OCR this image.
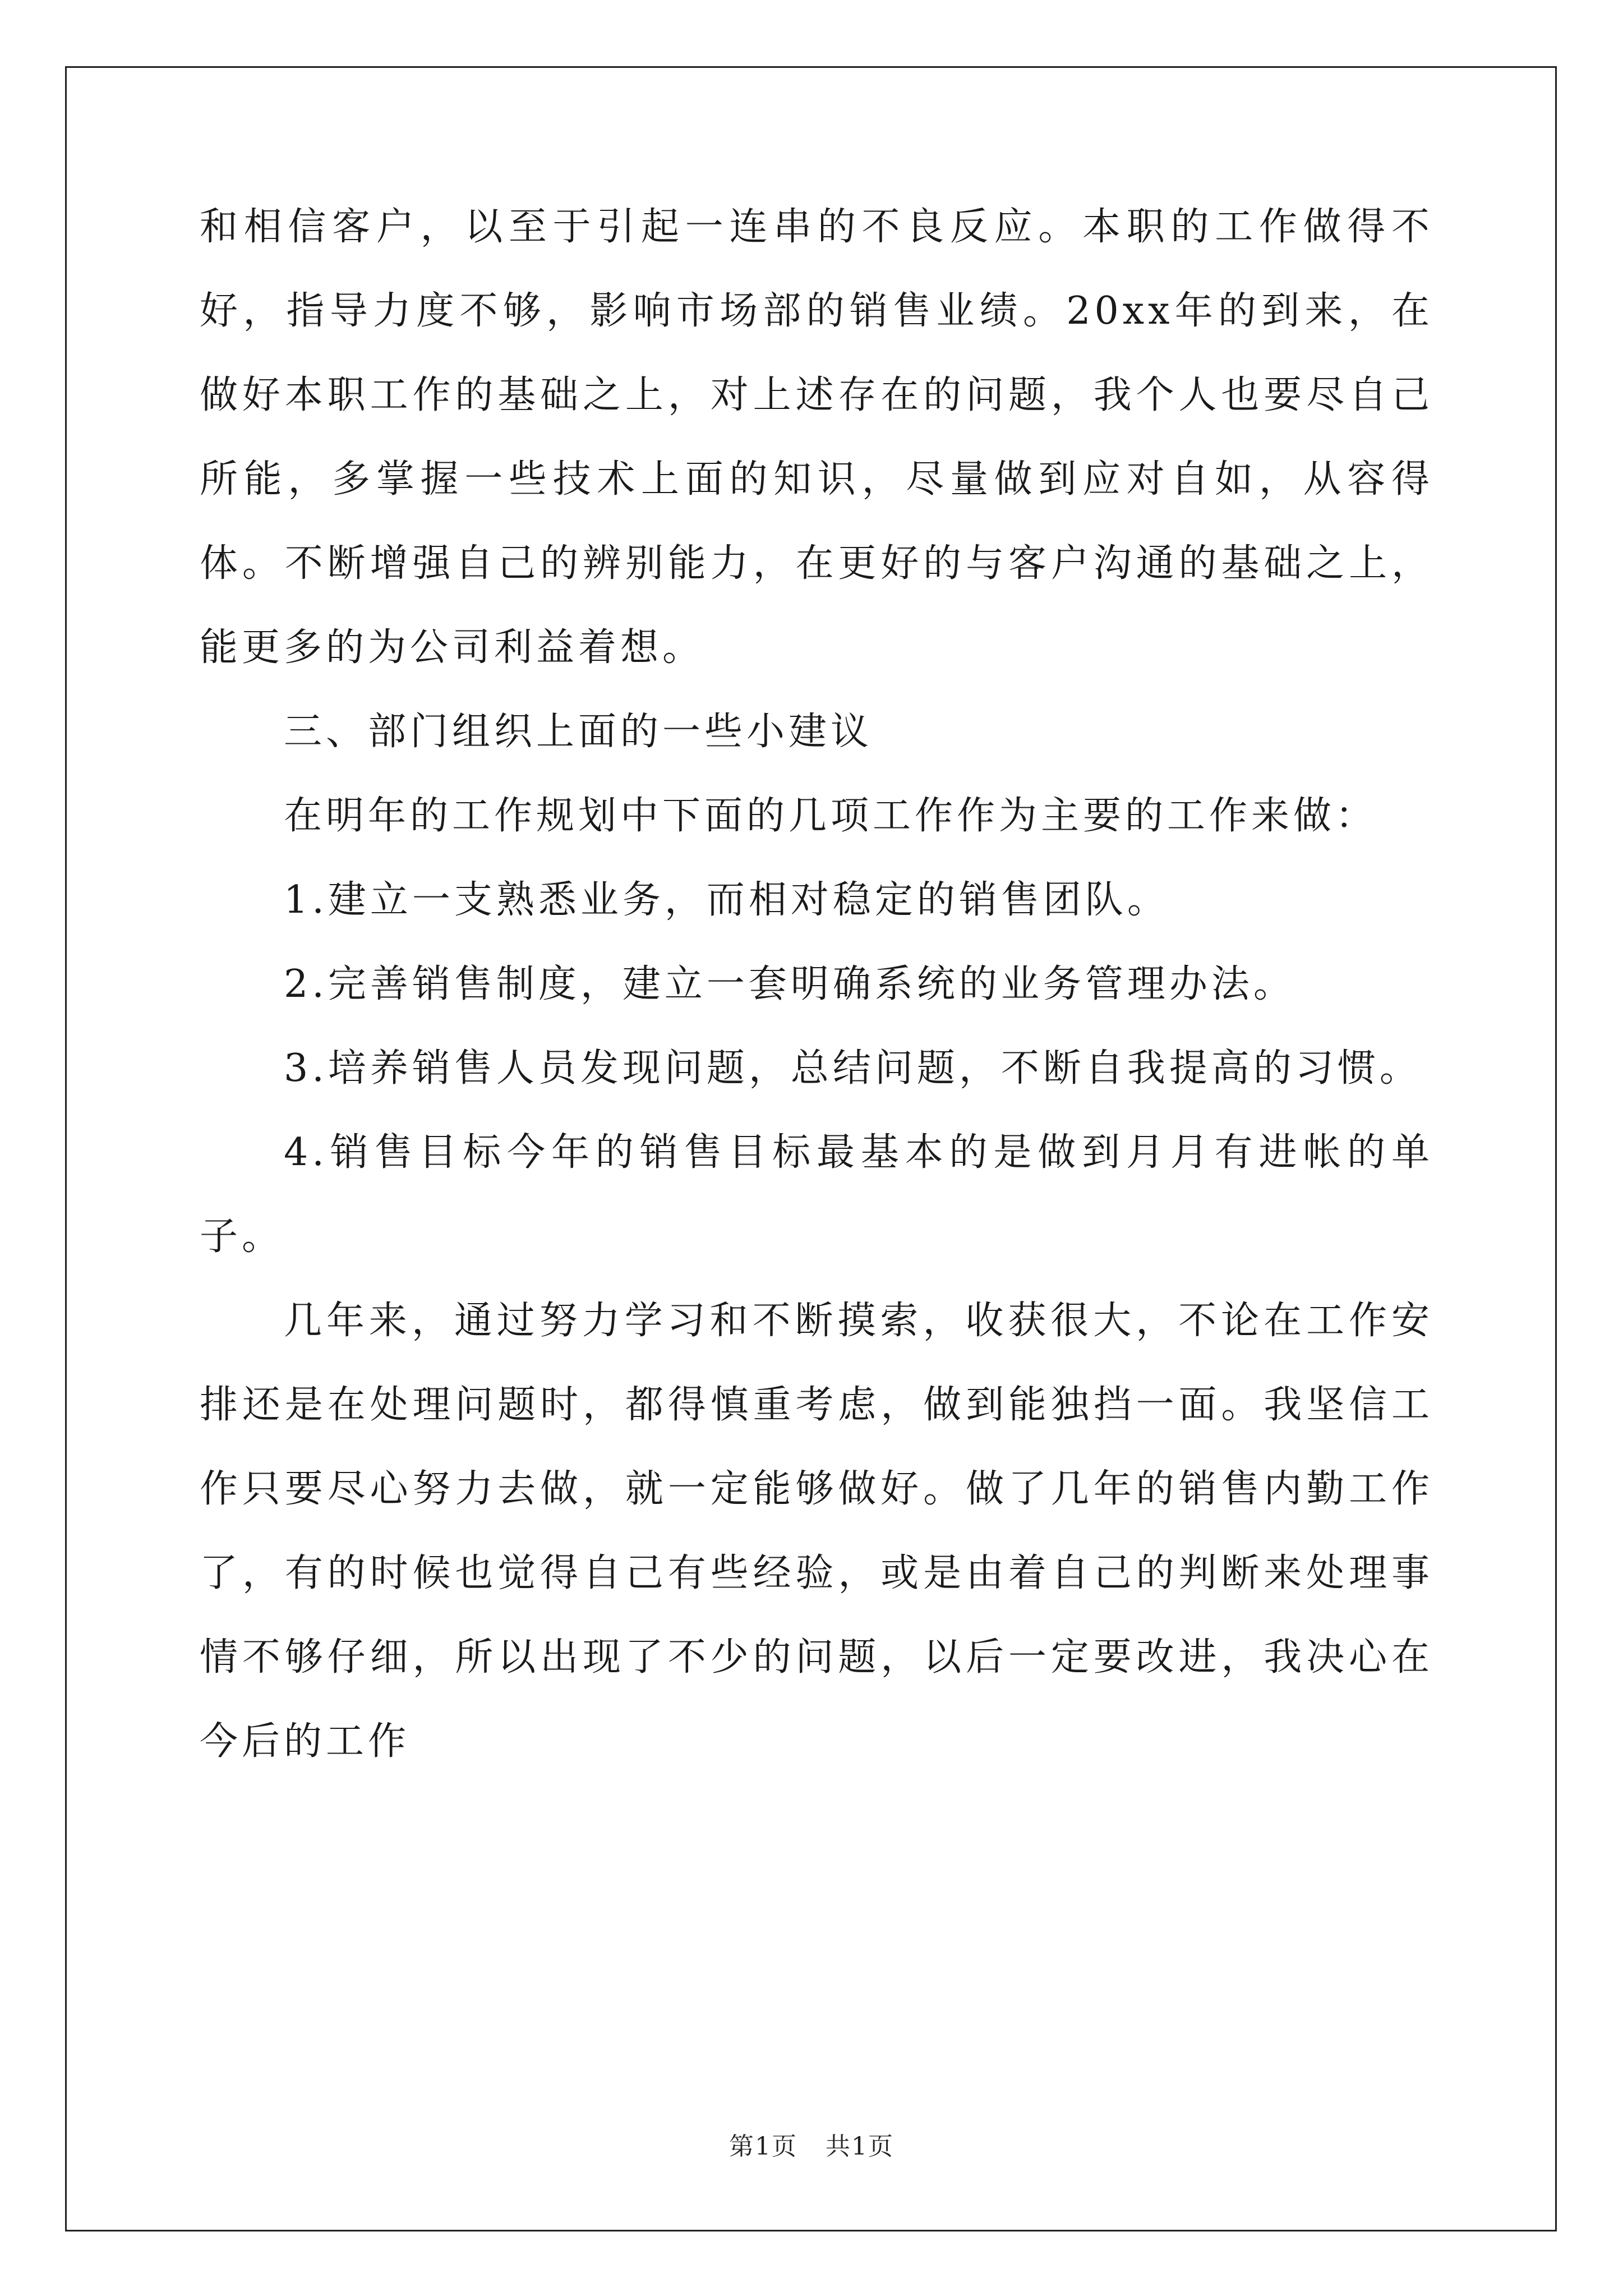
和相信客户，以至于引起一连串的不良反应。本职的工作做得不好，指导力度不够，影响市场部的销售业绩。20xx年的到来，在做好本职工作的基础之上，对上述存在的问题，我个人也要尽自己所能，多掌握一些技术上面的知识，尽量做到应对自如，从容得体。不断增强自己的辨别能力，在更好的与客户沟通的基础之上，能更多的为公司利益着想。

三、部门组织上面的一些小建议

在明年的工作规划中下面的几项工作作为主要的工作来做：

1.建立一支熟悉业务，而相对稳定的销售团队。

2.完善销售制度，建立一套明确系统的业务管理办法。

3.培养销售人员发现问题，总结问题，不断自我提高的习惯。

4.销售目标今年的销售目标最基本的是做到月月有进帐的单子。

几年来，通过努力学习和不断摸索，收获很大，不论在工作安排还是在处理问题时，都得慎重考虑，做到能独挡一面。我坚信工作只要尽心努力去做，就一定能够做好。做了几年的销售内勤工作了，有的时候也觉得自己有些经验，或是由着自己的判断来处理事情不够仔细，所以出现了不少的问题，以后一定要改进，我决心在今后的工作

第1页 共1页
